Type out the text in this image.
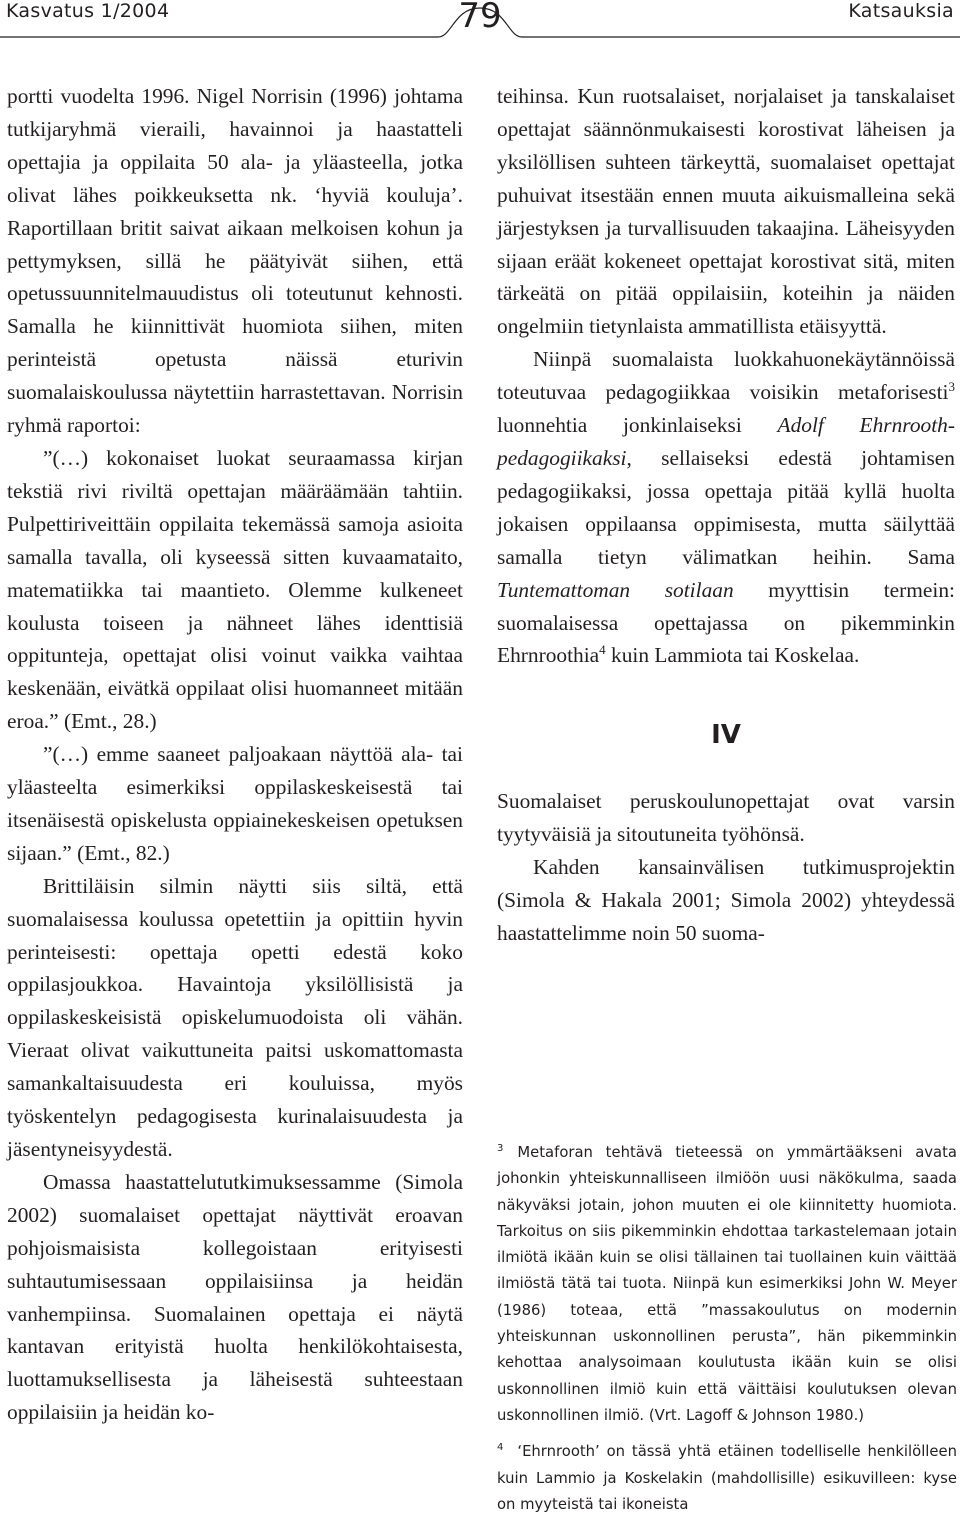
Kasvatus 1/2004	79	Katsauksia

portti vuodelta 1996. Nigel Norrisin (1996) johtama tutkijaryhmä vieraili, havainnoi ja haastatteli opettajia ja oppilaita 50 ala- ja yläasteella, jotka olivat lähes poikkeuksetta nk. ‘hyviä kouluja’. Raportillaan britit saivat aikaan melkoisen kohun ja pettymyksen, sillä he päätyivät siihen, että opetussuunnitelmauudistus oli toteutunut kehnosti. Samalla he kiinnittivät huomiota siihen, miten perinteistä opetusta näissä eturivin suomalaiskoulussa näytettiin harrastettavan. Norrisin ryhmä raportoi:

”(…) kokonaiset luokat seuraamassa kirjan tekstiä rivi riviltä opettajan määräämään tahtiin. Pulpettiriveittäin oppilaita tekemässä samoja asioita samalla tavalla, oli kyseessä sitten kuvaamataito, matematiikka tai maantieto. Olemme kulkeneet koulusta toiseen ja nähneet lähes identtisiä oppitunteja, opettajat olisi voinut vaikka vaihtaa keskenään, eivätkä oppilaat olisi huomanneet mitään eroa.” (Emt., 28.)

”(…) emme saaneet paljoakaan näyttöä ala- tai yläasteelta esimerkiksi oppilaskeskeisestä tai itsenäisestä opiskelusta oppiainekeskeisen opetuksen sijaan.” (Emt., 82.)

Brittiläisin silmin näytti siis siltä, että suomalaisessa koulussa opetettiin ja opittiin hyvin perinteisesti: opettaja opetti edestä koko oppilasjoukkoa. Havaintoja yksilöllisistä ja oppilaskeskeisistä opiskelumuodoista oli vähän. Vieraat olivat vaikuttuneita paitsi uskomattomasta samankaltaisuudesta eri kouluissa, myös työskentelyn pedagogisesta kurinalaisuudesta ja jäsentyneisyydestä.

Omassa haastattelututkimuksessamme (Simola 2002) suomalaiset opettajat näyttivät eroavan pohjoismaisista kollegoistaan erityisesti suhtautumisessaan oppilaisiinsa ja heidän vanhempiinsa. Suomalainen opettaja ei näytä kantavan erityistä huolta henkilökohtaisesta, luottamuksellisesta ja läheisestä suhteestaan oppilaisiin ja heidän ko-

teihinsa. Kun ruotsalaiset, norjalaiset ja tanskalaiset opettajat säännönmukaisesti korostivat läheisen ja yksilöllisen suhteen tärkeyttä, suomalaiset opettajat puhuivat itsestään ennen muuta aikuismalleina sekä järjestyksen ja turvallisuuden takaajina. Läheisyyden sijaan eräät kokeneet opettajat korostivat sitä, miten tärkeätä on pitää oppilaisiin, koteihin ja näiden ongelmiin tietynlaista ammatillista etäisyyttä.

Niinpä suomalaista luokkahuonekäytännöissä toteutuvaa pedagogiikkaa voisikin metaforisesti$^3$ luonnehtia jonkinlaiseksi Adolf Ehrnrooth-pedagogiikaksi, sellaiseksi edestä johtamisen pedagogiikaksi, jossa opettaja pitää kyllä huolta jokaisen oppilaansa oppimisesta, mutta säilyttää samalla tietyn välimatkan heihin. Sama Tuntemattoman sotilaan myyttisin termein: suomalaisessa opettajassa on pikemminkin Ehrnroothia$^4$ kuin Lammiota tai Koskelaa.

IV

Suomalaiset peruskoulunopettajat ovat varsin tyytyväisiä ja sitoutuneita työhönsä.

Kahden kansainvälisen tutkimusprojektin (Simola & Hakala 2001; Simola 2002) yhteydessä haastattelimme noin 50 suoma-

$^3$ Metaforan tehtävä tieteessä on ymmärtääkseni avata johonkin yhteiskunnalliseen ilmiöön uusi näkökulma, saada näkyväksi jotain, johon muuten ei ole kiinnitetty huomiota. Tarkoitus on siis pikemminkin ehdottaa tarkastelemaan jotain ilmiötä ikään kuin se olisi tällainen tai tuollainen kuin väittää ilmiöstä tätä tai tuota. Niinpä kun esimerkiksi John W. Meyer (1986) toteaa, että ”massakoulutus on modernin yhteiskunnan uskonnollinen perusta”, hän pikemminkin kehottaa analysoimaan koulutusta ikään kuin se olisi uskonnollinen ilmiö kuin että väittäisi koulutuksen olevan uskonnollinen ilmiö. (Vrt. Lagoff & Johnson 1980.)

$^4$ ‘Ehrnrooth’ on tässä yhtä etäinen todelliselle henkilölleen kuin Lammio ja Koskelakin (mahdollisille) esikuvilleen: kyse on myyteistä tai ikoneista
